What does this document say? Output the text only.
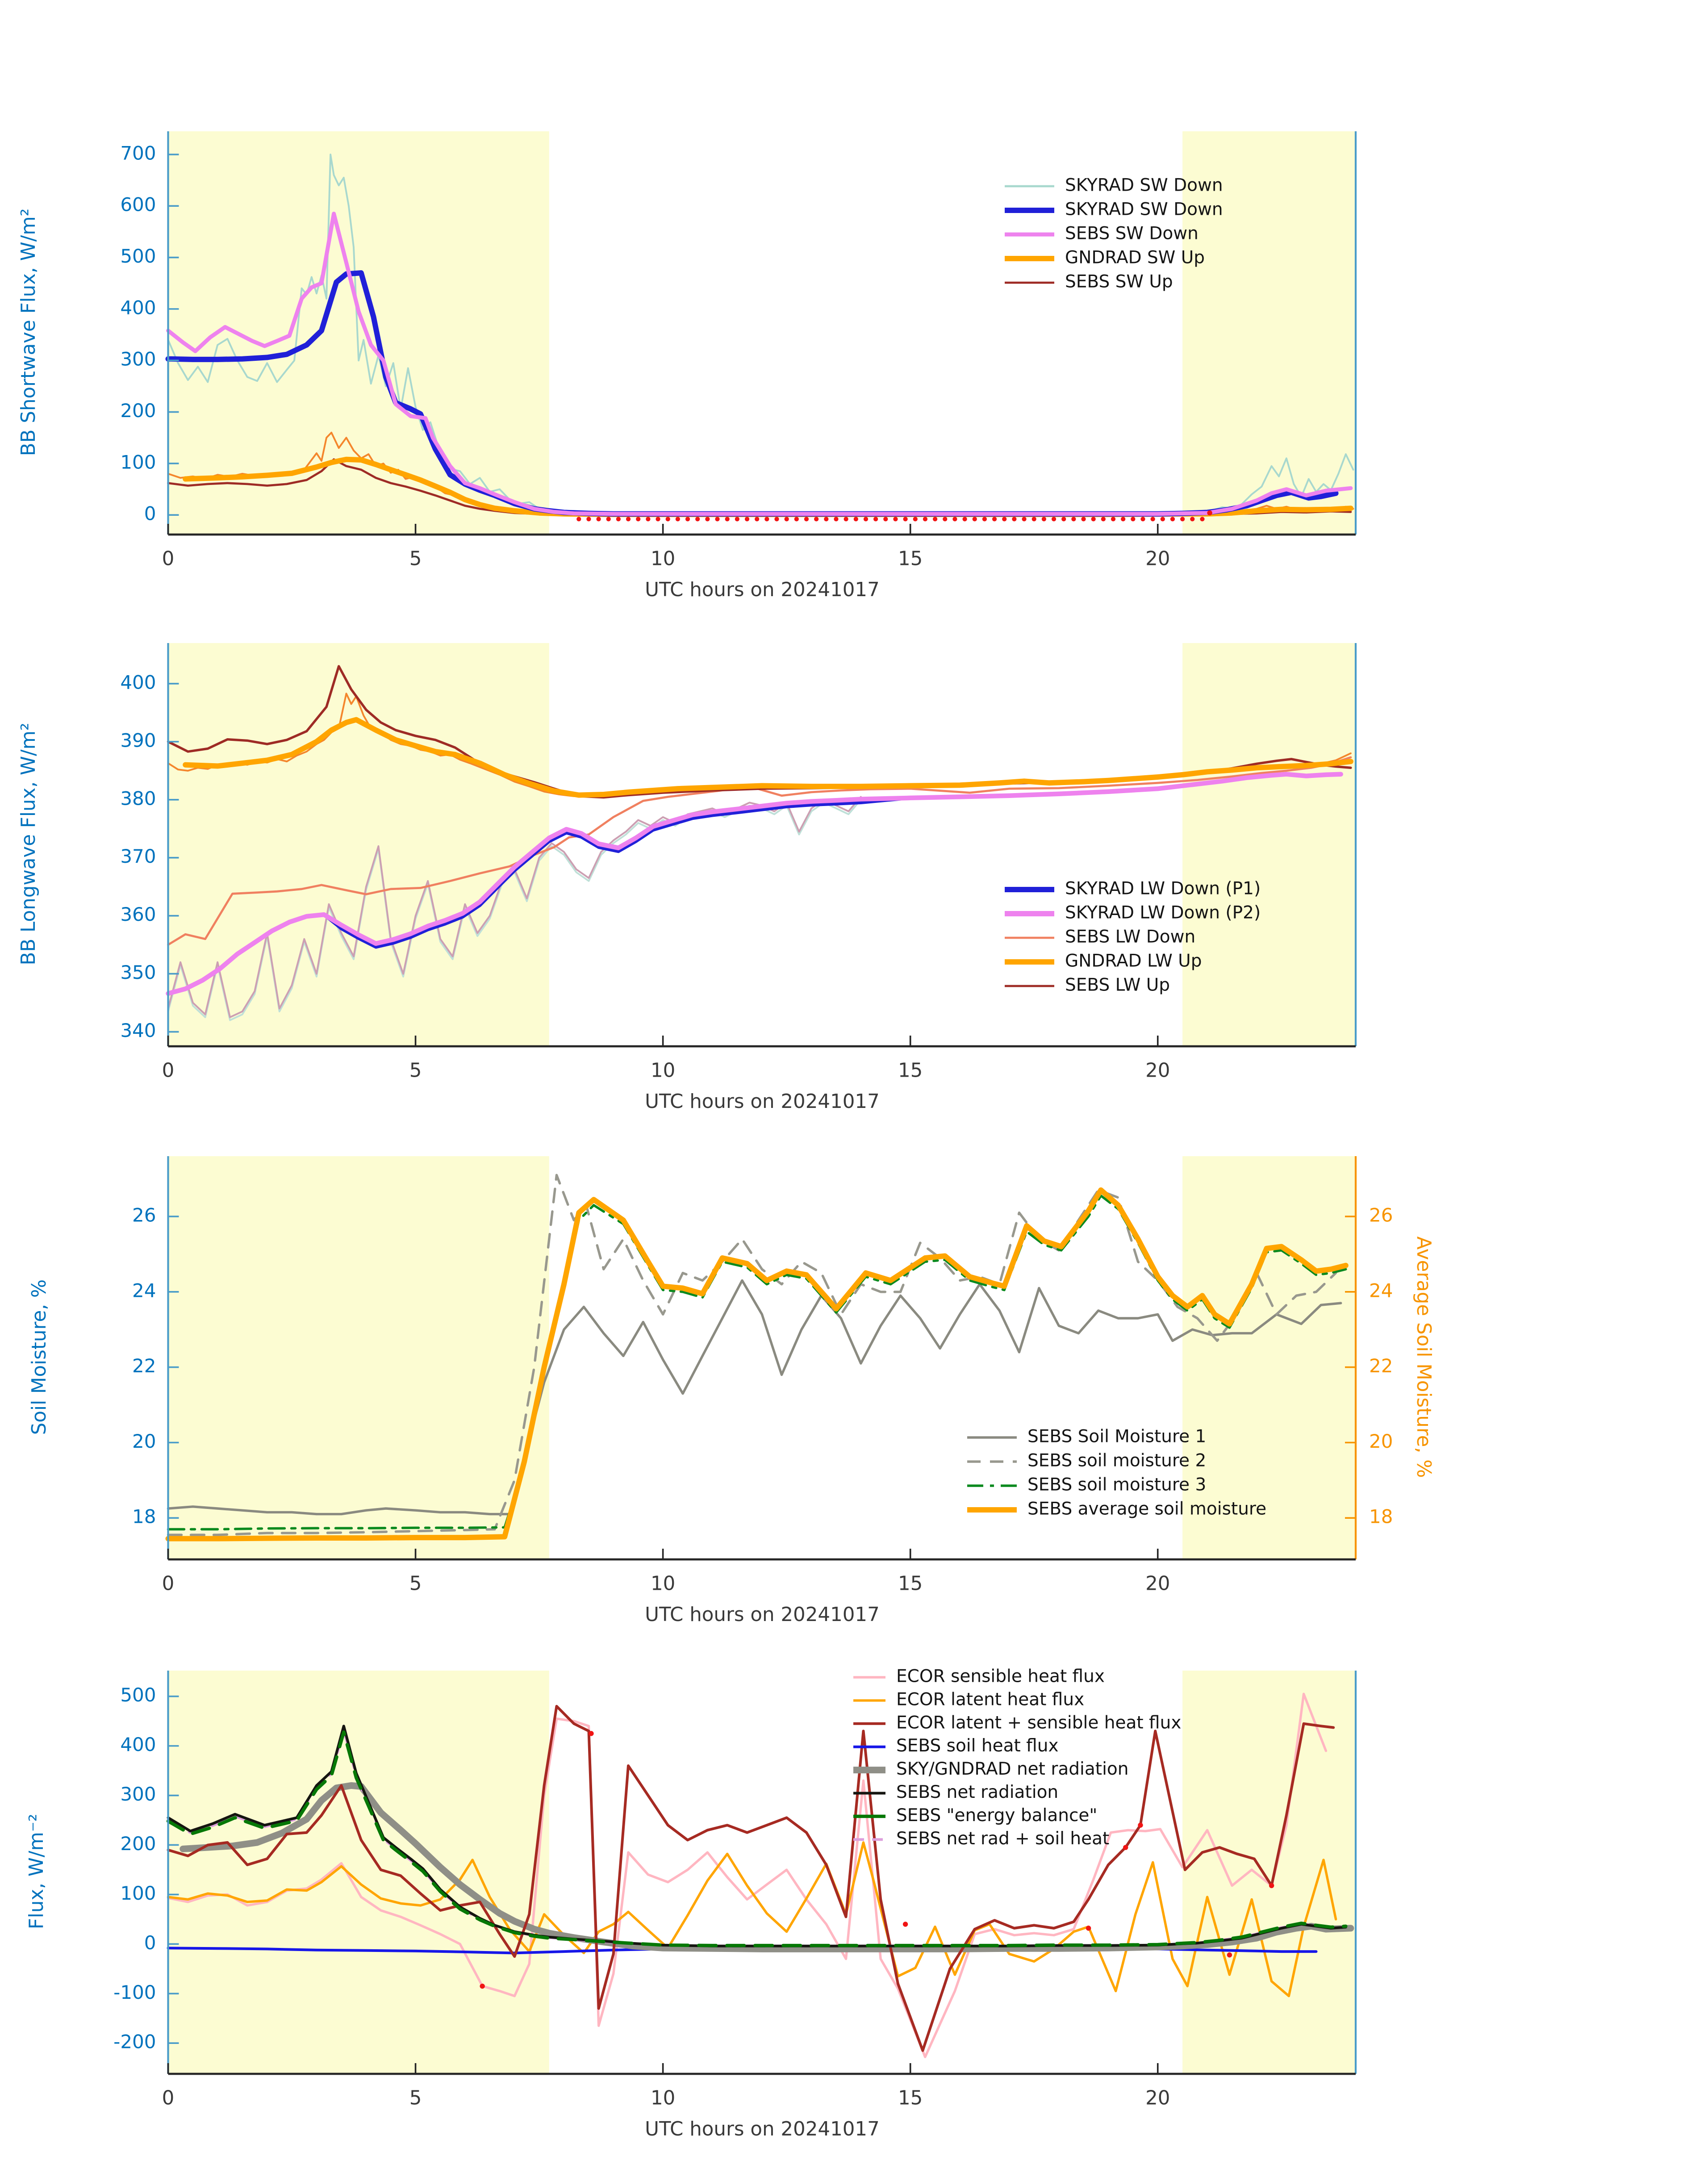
0	5	10	15	20
0
100
200
300
400
500
600
700
SKYRAD SW Down
SKYRAD SW Down
SEBS SW Down
GNDRAD SW Up
SEBS SW Up
0	5	10	15	20
340
350
360
370
380
390
400
SKYRAD LW Down (P1)
SKYRAD LW Down (P2)
SEBS LW Down
GNDRAD LW Up
SEBS LW Up
0	5	10	15	20
18
20
22
24
26
18
20
22
24
26
SEBS Soil Moisture 1
SEBS soil moisture 2
SEBS soil moisture 3
SEBS average soil moisture
0	5	10	15	20
-200
-100
0
100
200
300
400
500
ECOR sensible heat flux
ECOR latent heat flux
ECOR latent + sensible heat flux
SEBS soil heat flux
SKY/GNDRAD net radiation
SEBS net radiation
SEBS "energy balance"
SEBS net rad + soil heat
BB Shortwave Flux, W/m²
UTC hours on 20241017
BB Longwave Flux, W/m²
UTC hours on 20241017
Soil Moisture, %	Average Soil Moisture, %
UTC hours on 20241017
Flux, W/m⁻²
UTC hours on 20241017
